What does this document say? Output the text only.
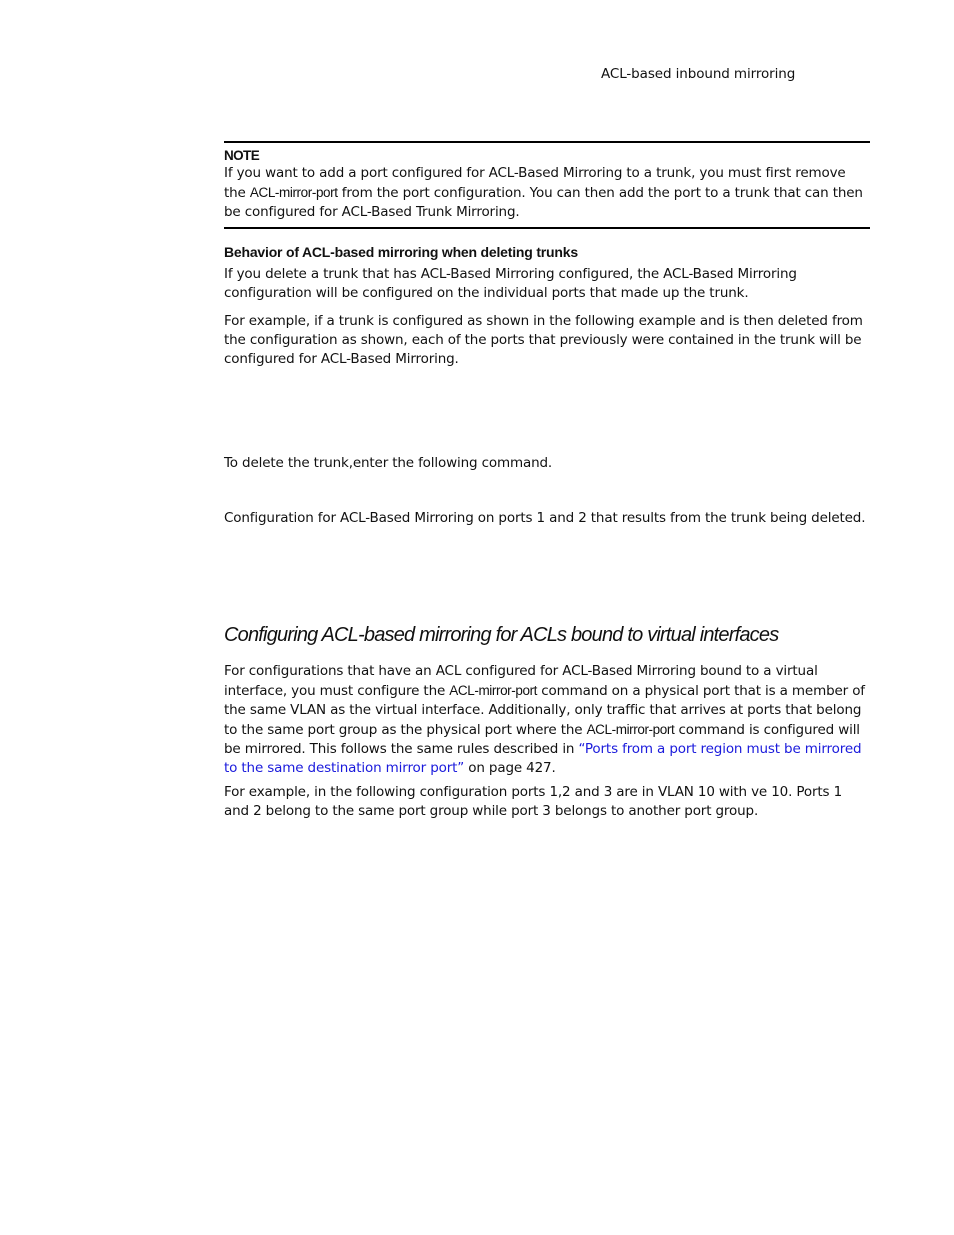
ACL-based inbound mirroring
NOTE

If you want to add a port configured for ACL-Based Mirroring to a trunk, you must first remove the ACL-mirror-port from the port configuration. You can then add the port to a trunk that can then be configured for ACL-Based Trunk Mirroring.

Behavior of ACL-based mirroring when deleting trunks

If you delete a trunk that has ACL-Based Mirroring configured, the ACL-Based Mirroring configuration will be configured on the individual ports that made up the trunk.

For example, if a trunk is configured as shown in the following example and is then deleted from the configuration as shown, each of the ports that previously were contained in the trunk will be configured for ACL-Based Mirroring.

To delete the trunk,enter the following command.

Configuration for ACL-Based Mirroring on ports 1 and 2 that results from the trunk being deleted.

Configuring ACL-based mirroring for ACLs bound to virtual interfaces

For configurations that have an ACL configured for ACL-Based Mirroring bound to a virtual interface, you must configure the ACL-mirror-port command on a physical port that is a member of the same VLAN as the virtual interface. Additionally, only traffic that arrives at ports that belong to the same port group as the physical port where the ACL-mirror-port command is configured will be mirrored. This follows the same rules described in “Ports from a port region must be mirrored to the same destination mirror port” on page 427.

For example, in the following configuration ports 1,2 and 3 are in VLAN 10 with ve 10. Ports 1 and 2 belong to the same port group while port 3 belongs to another port group.
